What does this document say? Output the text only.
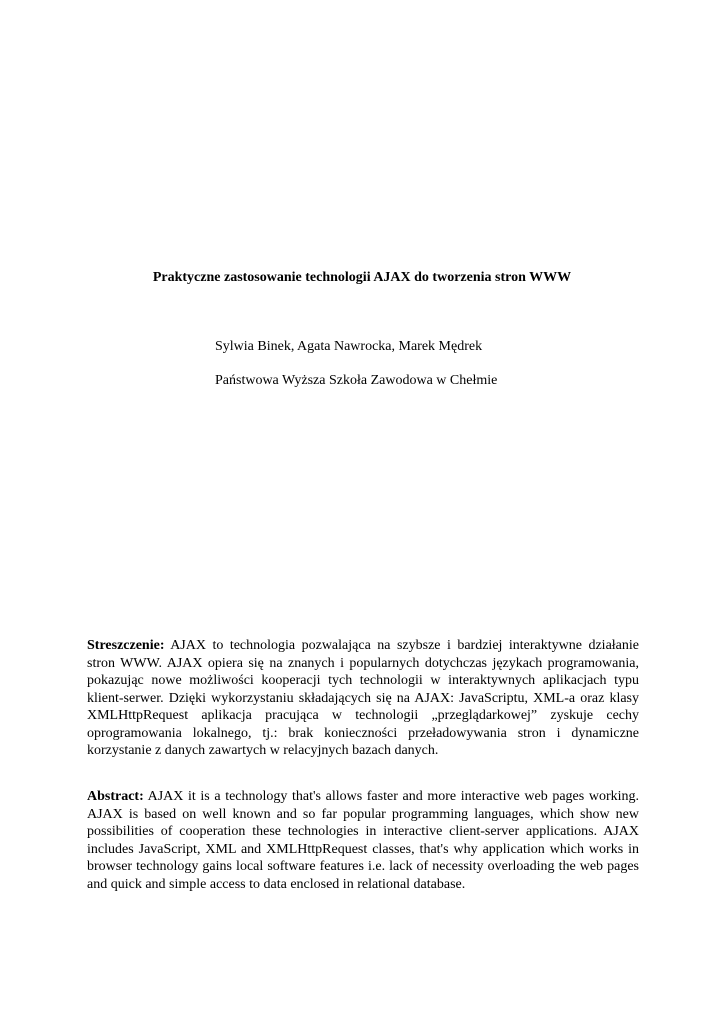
Praktyczne zastosowanie technologii AJAX do tworzenia stron WWW

Sylwia Binek, Agata Nawrocka, Marek Mędrek

Państwowa Wyższa Szkoła Zawodowa w Chełmie

Streszczenie: AJAX to technologia pozwalająca na szybsze i bardziej interaktywne działanie stron WWW. AJAX opiera się na znanych i popularnych dotychczas językach programowania, pokazując nowe możliwości kooperacji tych technologii w interaktywnych aplikacjach typu klient-serwer. Dzięki wykorzystaniu składających się na AJAX: JavaScriptu, XML-a oraz klasy XMLHttpRequest aplikacja pracująca w technologii „przeglądarkowej” zyskuje cechy oprogramowania lokalnego, tj.: brak konieczności przeładowywania stron i dynamiczne korzystanie z danych zawartych w relacyjnych bazach danych.

Abstract: AJAX it is a technology that's allows faster and more interactive web pages working. AJAX is based on well known and so far popular programming languages, which show new possibilities of cooperation these technologies in interactive client-server applications. AJAX includes JavaScript, XML and XMLHttpRequest classes, that's why application which works in browser technology gains local software features i.e. lack of necessity overloading the web pages and quick and simple access to data enclosed in relational database.
